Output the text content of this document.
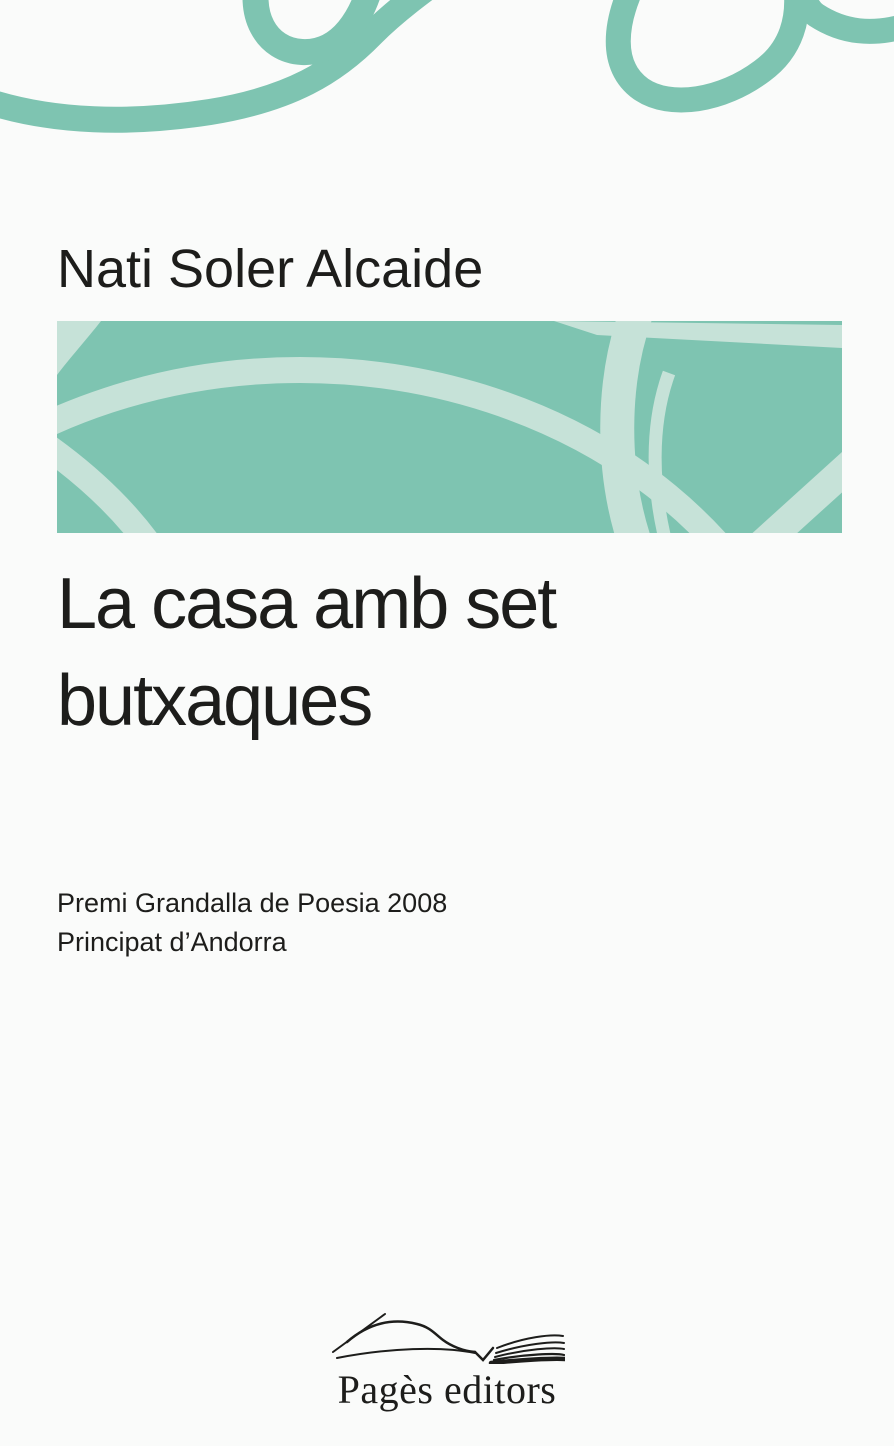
Nati Soler Alcaide
La casa amb set
butxaques
Premi Grandalla de Poesia 2008
Principat d’Andorra
Pagès editors
